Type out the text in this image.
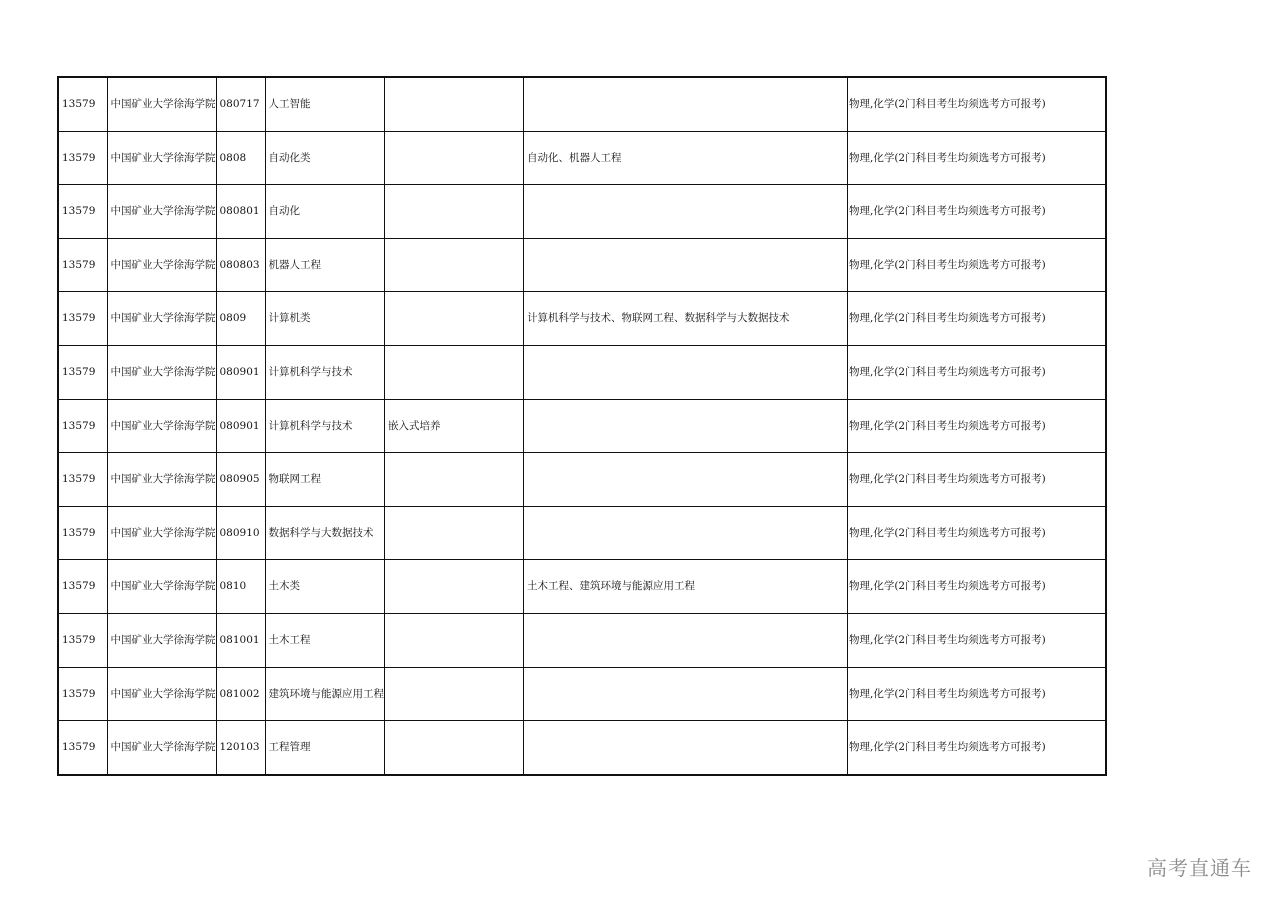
13579	中国矿业大学徐海学院	080717	人工智能			物理,化学(2门科目考生均须选考方可报考)
13579	中国矿业大学徐海学院	0808	自动化类		自动化、机器人工程	物理,化学(2门科目考生均须选考方可报考)
13579	中国矿业大学徐海学院	080801	自动化			物理,化学(2门科目考生均须选考方可报考)
13579	中国矿业大学徐海学院	080803	机器人工程			物理,化学(2门科目考生均须选考方可报考)
13579	中国矿业大学徐海学院	0809	计算机类		计算机科学与技术、物联网工程、数据科学与大数据技术	物理,化学(2门科目考生均须选考方可报考)
13579	中国矿业大学徐海学院	080901	计算机科学与技术			物理,化学(2门科目考生均须选考方可报考)
13579	中国矿业大学徐海学院	080901	计算机科学与技术	嵌入式培养		物理,化学(2门科目考生均须选考方可报考)
13579	中国矿业大学徐海学院	080905	物联网工程			物理,化学(2门科目考生均须选考方可报考)
13579	中国矿业大学徐海学院	080910	数据科学与大数据技术			物理,化学(2门科目考生均须选考方可报考)
13579	中国矿业大学徐海学院	0810	土木类		土木工程、建筑环境与能源应用工程	物理,化学(2门科目考生均须选考方可报考)
13579	中国矿业大学徐海学院	081001	土木工程			物理,化学(2门科目考生均须选考方可报考)
13579	中国矿业大学徐海学院	081002	建筑环境与能源应用工程			物理,化学(2门科目考生均须选考方可报考)
13579	中国矿业大学徐海学院	120103	工程管理			物理,化学(2门科目考生均须选考方可报考)
高考直通车
